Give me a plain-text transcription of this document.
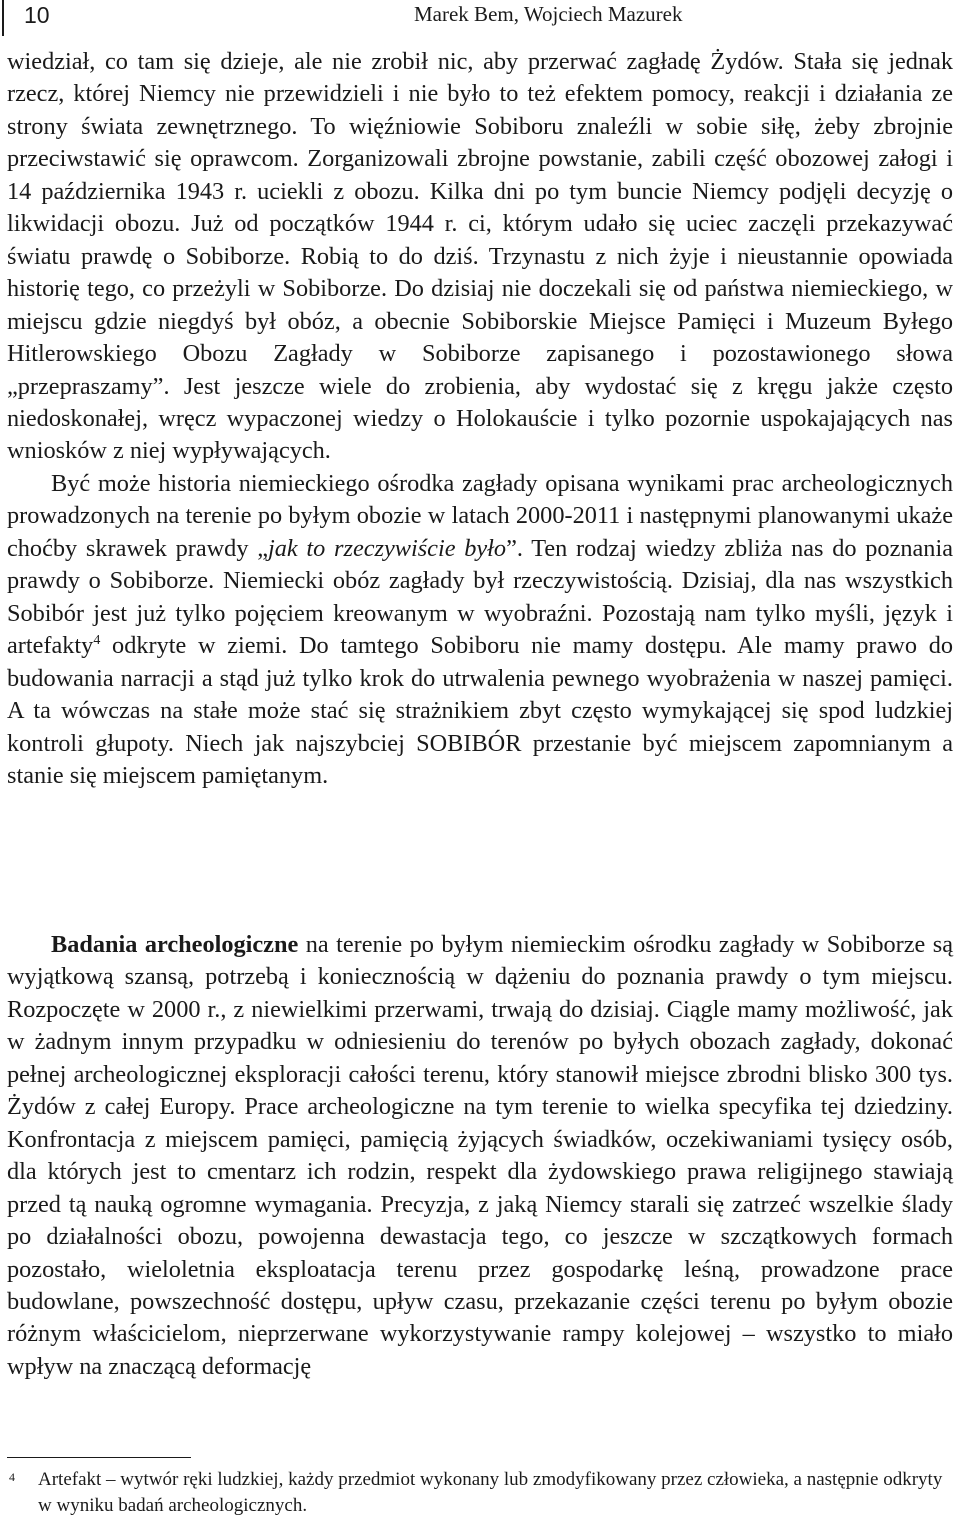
10	Marek Bem, Wojciech Mazurek

wiedział, co tam się dzieje, ale nie zrobił nic, aby przerwać zagładę Żydów. Stała się jednak rzecz, której Niemcy nie przewidzieli i nie było to też efektem pomocy, reakcji i działania ze strony świata zewnętrznego. To więźniowie Sobiboru znaleźli w sobie siłę, żeby zbrojnie przeciwstawić się oprawcom. Zorganizowali zbrojne powstanie, zabili część obozowej załogi i 14 października 1943 r. uciekli z obozu. Kilka dni po tym buncie Niemcy podjęli decyzję o likwidacji obozu. Już od początków 1944 r. ci, którym udało się uciec zaczęli przekazywać światu prawdę o Sobiborze. Robią to do dziś. Trzynastu z nich żyje i nieustannie opowiada historię tego, co przeżyli w Sobiborze. Do dzisiaj nie doczekali się od państwa niemieckiego, w miejscu gdzie niegdyś był obóz, a obecnie Sobiborskie Miejsce Pamięci i Muzeum Byłego Hitlerowskiego Obozu Zagłady w Sobiborze zapisanego i pozostawionego słowa „przepraszamy”. Jest jeszcze wiele do zrobienia, aby wydostać się z kręgu jakże często niedoskonałej, wręcz wypaczonej wiedzy o Holokauście i tylko pozornie uspokajających nas wniosków z niej wypływających.

Być może historia niemieckiego ośrodka zagłady opisana wynikami prac archeologicznych prowadzonych na terenie po byłym obozie w latach 2000-2011 i następnymi planowanymi ukaże choćby skrawek prawdy „jak to rzeczywiście było”. Ten rodzaj wiedzy zbliża nas do poznania prawdy o Sobiborze. Niemiecki obóz zagłady był rzeczywistością. Dzisiaj, dla nas wszystkich Sobibór jest już tylko pojęciem kreowanym w wyobraźni. Pozostają nam tylko myśli, język i artefakty$^4$ odkryte w ziemi. Do tamtego Sobiboru nie mamy dostępu. Ale mamy prawo do budowania narracji a stąd już tylko krok do utrwalenia pewnego wyobrażenia w naszej pamięci. A ta wówczas na stałe może stać się strażnikiem zbyt często wymykającej się spod ludzkiej kontroli głupoty. Niech jak najszybciej SOBIBÓR przestanie być miejscem zapomnianym a stanie się miejscem pamiętanym.

Badania archeologiczne na terenie po byłym niemieckim ośrodku zagłady w Sobiborze są wyjątkową szansą, potrzebą i koniecznością w dążeniu do poznania prawdy o tym miejscu. Rozpoczęte w 2000 r., z niewielkimi przerwami, trwają do dzisiaj. Ciągle mamy możliwość, jak w żadnym innym przypadku w odniesieniu do terenów po byłych obozach zagłady, dokonać pełnej archeologicznej eksploracji całości terenu, który stanowił miejsce zbrodni blisko 300 tys. Żydów z całej Europy. Prace archeologiczne na tym terenie to wielka specyfika tej dziedziny. Konfrontacja z miejscem pamięci, pamięcią żyjących świadków, oczekiwaniami tysięcy osób, dla których jest to cmentarz ich rodzin, respekt dla żydowskiego prawa religijnego stawiają przed tą nauką ogromne wymagania. Precyzja, z jaką Niemcy starali się zatrzeć wszelkie ślady po działalności obozu, powojenna dewastacja tego, co jeszcze w szczątkowych formach pozostało, wieloletnia eksploatacja terenu przez gospodarkę leśną, prowadzone prace budowlane, powszechność dostępu, upływ czasu, przekazanie części terenu po byłym obozie różnym właścicielom, nieprzerwane wykorzystywanie rampy kolejowej – wszystko to miało wpływ na znaczącą deformację

4 Artefakt – wytwór ręki ludzkiej, każdy przedmiot wykonany lub zmodyfikowany przez człowieka, a następnie odkryty w wyniku badań archeologicznych.
